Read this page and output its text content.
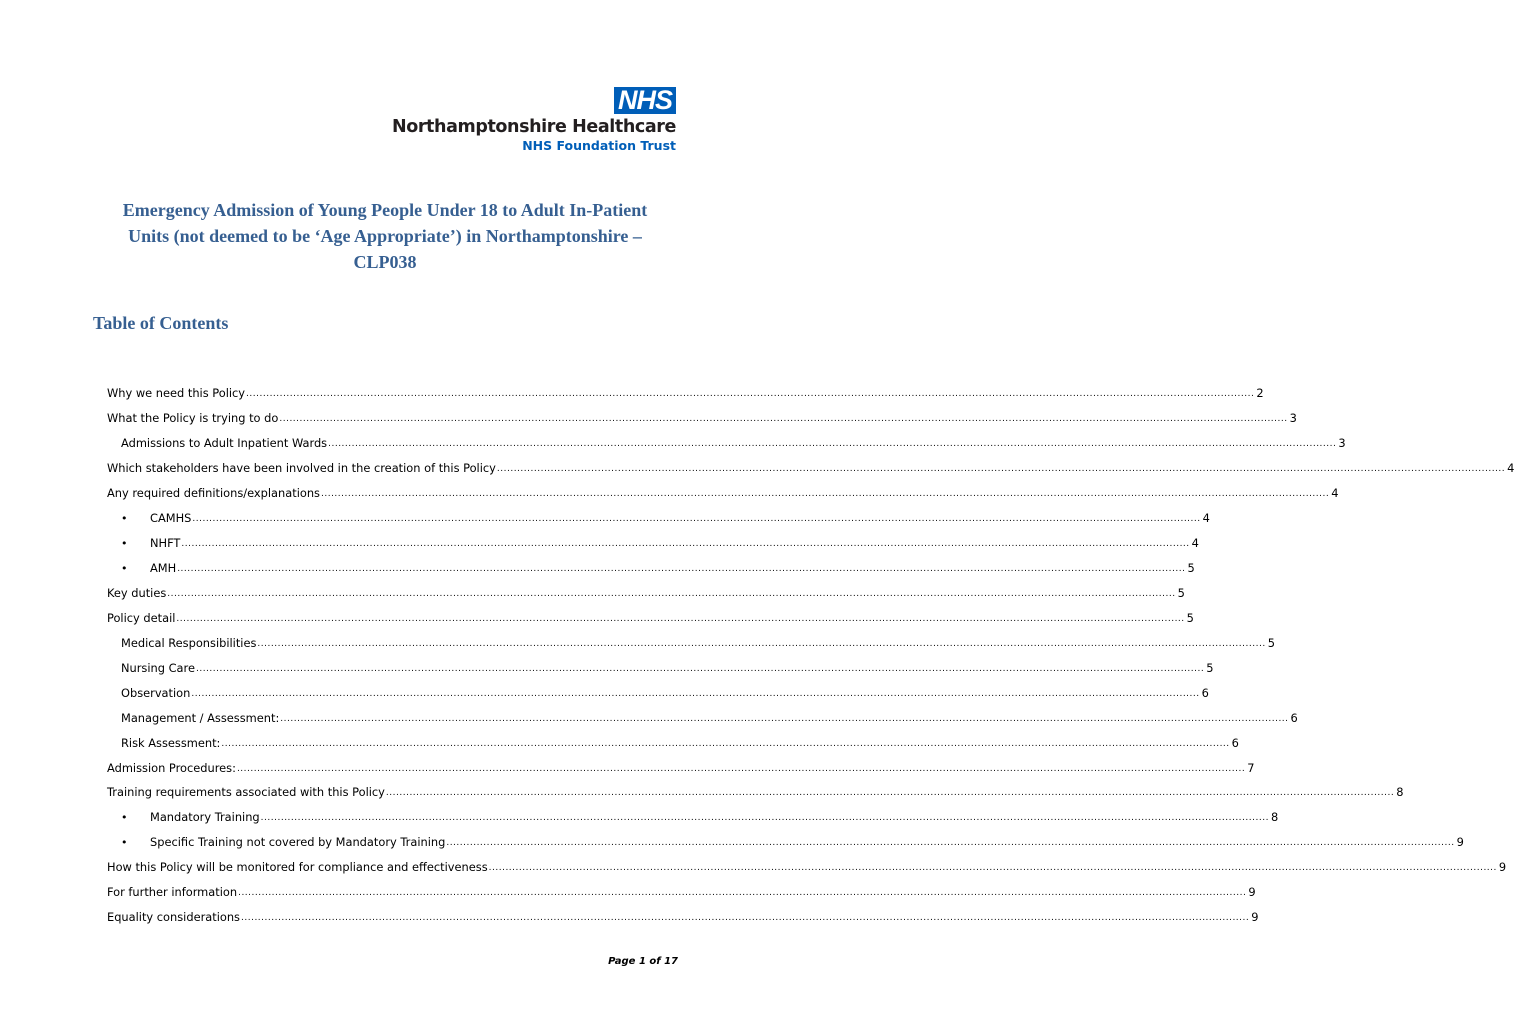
NHS
Northamptonshire Healthcare
NHS Foundation Trust
Emergency Admission of Young People Under 18 to Adult In-Patient
Units (not deemed to be ‘Age Appropriate’) in Northamptonshire –
CLP038
Table of Contents
Why we need this Policy ............................................................................................................................................................................................................................................................................................................ 2
What the Policy is trying to do ............................................................................................................................................................................................................................................................................................................ 3
Admissions to Adult Inpatient Wards ............................................................................................................................................................................................................................................................................................................ 3
Which stakeholders have been involved in the creation of this Policy ............................................................................................................................................................................................................................................................................................................ 4
Any required definitions/explanations ............................................................................................................................................................................................................................................................................................................ 4
•	CAMHS ............................................................................................................................................................................................................................................................................................................ 4
•	NHFT ............................................................................................................................................................................................................................................................................................................ 4
•	AMH ............................................................................................................................................................................................................................................................................................................ 5
Key duties ............................................................................................................................................................................................................................................................................................................ 5
Policy detail ............................................................................................................................................................................................................................................................................................................ 5
Medical Responsibilities ............................................................................................................................................................................................................................................................................................................ 5
Nursing Care ............................................................................................................................................................................................................................................................................................................ 5
Observation ............................................................................................................................................................................................................................................................................................................ 6
Management / Assessment: ............................................................................................................................................................................................................................................................................................................ 6
Risk Assessment: ............................................................................................................................................................................................................................................................................................................ 6
Admission Procedures: ............................................................................................................................................................................................................................................................................................................ 7
Training requirements associated with this Policy ............................................................................................................................................................................................................................................................................................................ 8
•	Mandatory Training ............................................................................................................................................................................................................................................................................................................ 8
•	Specific Training not covered by Mandatory Training ............................................................................................................................................................................................................................................................................................................ 9
How this Policy will be monitored for compliance and effectiveness ............................................................................................................................................................................................................................................................................................................ 9
For further information ............................................................................................................................................................................................................................................................................................................ 9
Equality considerations ............................................................................................................................................................................................................................................................................................................ 9
Page 1 of 17
